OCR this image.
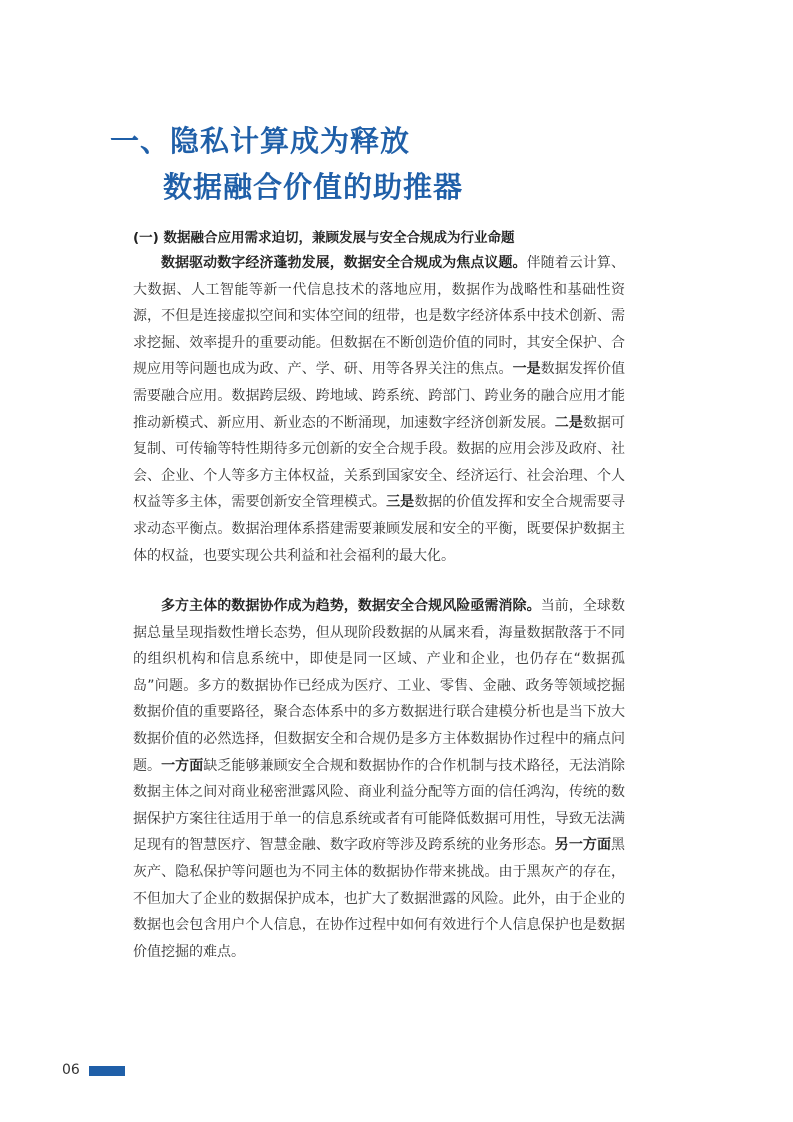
一、隐私计算成为释放
数据融合价值的助推器
(一) 数据融合应用需求迫切，兼顾发展与安全合规成为行业命题
数据驱动数字经济蓬勃发展，数据安全合规成为焦点议题。伴随着云计算、大数据、人工智能等新一代信息技术的落地应用，数据作为战略性和基础性资源，不但是连接虚拟空间和实体空间的纽带，也是数字经济体系中技术创新、需求挖掘、效率提升的重要动能。但数据在不断创造价值的同时，其安全保护、合规应用等问题也成为政、产、学、研、用等各界关注的焦点。一是数据发挥价值需要融合应用。数据跨层级、跨地域、跨系统、跨部门、跨业务的融合应用才能推动新模式、新应用、新业态的不断涌现，加速数字经济创新发展。二是数据可复制、可传输等特性期待多元创新的安全合规手段。数据的应用会涉及政府、社会、企业、个人等多方主体权益，关系到国家安全、经济运行、社会治理、个人权益等多主体，需要创新安全管理模式。三是数据的价值发挥和安全合规需要寻求动态平衡点。数据治理体系搭建需要兼顾发展和安全的平衡，既要保护数据主体的权益，也要实现公共利益和社会福利的最大化。
多方主体的数据协作成为趋势，数据安全合规风险亟需消除。当前，全球数据总量呈现指数性增长态势，但从现阶段数据的从属来看，海量数据散落于不同的组织机构和信息系统中，即使是同一区域、产业和企业，也仍存在“数据孤岛”问题。多方的数据协作已经成为医疗、工业、零售、金融、政务等领域挖掘数据价值的重要路径，聚合态体系中的多方数据进行联合建模分析也是当下放大数据价值的必然选择，但数据安全和合规仍是多方主体数据协作过程中的痛点问题。一方面缺乏能够兼顾安全合规和数据协作的合作机制与技术路径，无法消除数据主体之间对商业秘密泄露风险、商业利益分配等方面的信任鸿沟，传统的数据保护方案往往适用于单一的信息系统或者有可能降低数据可用性，导致无法满足现有的智慧医疗、智慧金融、数字政府等涉及跨系统的业务形态。另一方面黑灰产、隐私保护等问题也为不同主体的数据协作带来挑战。由于黑灰产的存在，不但加大了企业的数据保护成本，也扩大了数据泄露的风险。此外，由于企业的数据也会包含用户个人信息，在协作过程中如何有效进行个人信息保护也是数据价值挖掘的难点。
06
